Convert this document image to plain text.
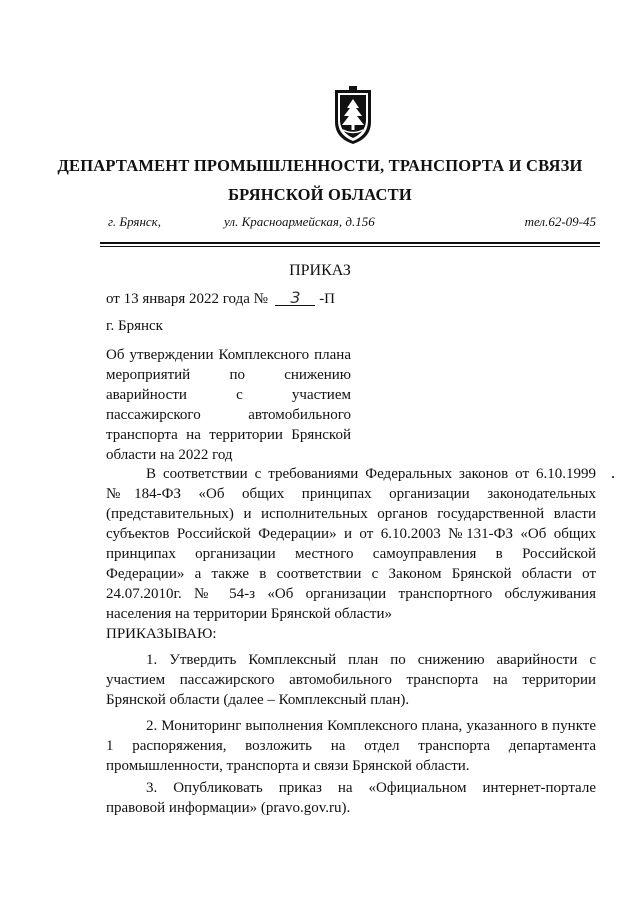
ДЕПАРТАМЕНТ ПРОМЫШЛЕННОСТИ, ТРАНСПОРТА И СВЯЗИ
БРЯНСКОЙ ОБЛАСТИ
г. Брянск,	ул. Красноармейская, д.156	тел.62-09-45
ПРИКАЗ
от 13 января 2022 года № 3 -П
г. Брянск
Об утверждении Комплексного плана
мероприятий по снижению
аварийности с участием
пассажирского автомобильного
транспорта на территории Брянской
области на 2022 год
В соответствии с требованиями Федеральных законов от 6.10.1999 №184-ФЗ «Об общих принципах организации законодательных (представительных) и исполнительных органов государственной власти субъектов Российской Федерации» и от 6.10.2003 №131-ФЗ «Об общих принципах организации местного самоуправления в Российской Федерации» а также в соответствии с Законом Брянской области от 24.07.2010г. № 54-з «Об организации транспортного обслуживания населения на территории Брянской области»
ПРИКАЗЫВАЮ:
1. Утвердить Комплексный план по снижению аварийности с участием пассажирского автомобильного транспорта на территории Брянской области (далее – Комплексный план).
2. Мониторинг выполнения Комплексного плана, указанного в пункте 1 распоряжения, возложить на отдел транспорта департамента промышленности, транспорта и связи Брянской области.
3. Опубликовать приказ на «Официальном интернет-портале правовой информации» (pravo.gov.ru).
